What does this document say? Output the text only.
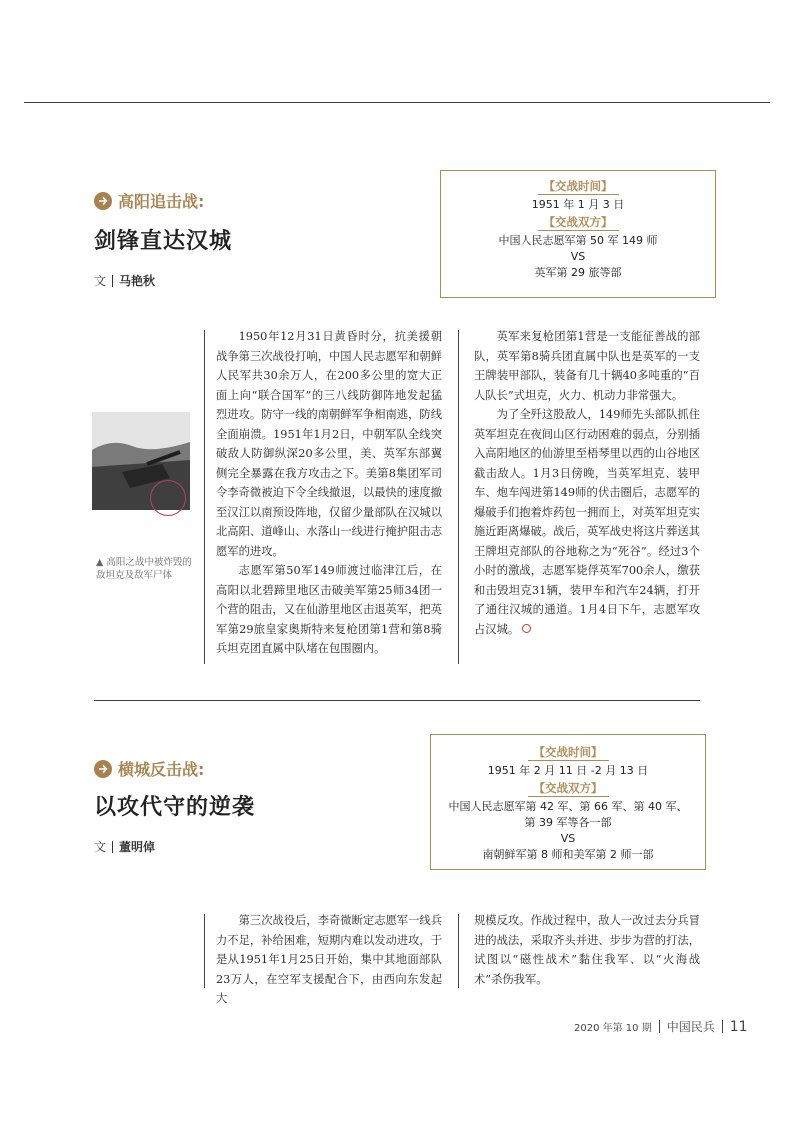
高阳追击战:
剑锋直达汉城
文 马艳秋
【交战时间】
1951 年 1 月 3 日
【交战双方】
中国人民志愿军第 50 军 149 师
VS
英军第 29 旅等部
▲ 高阳之战中被炸毁的敌坦克及敌军尸体

1950年12月31日黄昏时分，抗美援朝战争第三次战役打响，中国人民志愿军和朝鲜人民军共30余万人，在200多公里的宽大正面上向“联合国军”的三八线防御阵地发起猛烈进攻。防守一线的南朝鲜军争相南逃，防线全面崩溃。1951年1月2日，中朝军队全线突破敌人防御纵深20多公里，美、英军东部翼侧完全暴露在我方攻击之下。美第8集团军司令李奇微被迫下令全线撤退，以最快的速度撤至汉江以南预设阵地，仅留少量部队在汉城以北高阳、道峰山、水落山一线进行掩护阻击志愿军的进攻。

志愿军第50军149师渡过临津江后，在高阳以北碧蹄里地区击破美军第25师34团一个营的阻击，又在仙游里地区击退英军，把英军第29旅皇家奥斯特来复枪团第1营和第8骑兵坦克团直属中队堵在包围圈内。

英军来复枪团第1营是一支能征善战的部队，英军第8骑兵团直属中队也是英军的一支王牌装甲部队，装备有几十辆40多吨重的“百人队长”式坦克，火力、机动力非常强大。

为了全歼这股敌人，149师先头部队抓住英军坦克在夜间山区行动困难的弱点，分别插入高阳地区的仙游里至梧琴里以西的山谷地区截击敌人。1月3日傍晚，当英军坦克、装甲车、炮车闯进第149师的伏击圈后，志愿军的爆破手们抱着炸药包一拥而上，对英军坦克实施近距离爆破。战后，英军战史将这片葬送其王牌坦克部队的谷地称之为“死谷”。经过3个小时的激战，志愿军毙俘英军700余人，缴获和击毁坦克31辆，装甲车和汽车24辆，打开了通往汉城的通道。1月4日下午，志愿军攻占汉城。

横城反击战:
以攻代守的逆袭
文 董明倬
【交战时间】
1951 年 2 月 11 日 -2 月 13 日
【交战双方】
中国人民志愿军第 42 军、第 66 军、第 40 军、第 39 军等各一部
VS
南朝鲜军第 8 师和美军第 2 师一部

第三次战役后，李奇微断定志愿军一线兵力不足，补给困难，短期内难以发动进攻，于是从1951年1月25日开始，集中其地面部队23万人，在空军支援配合下，由西向东发起大

规模反攻。作战过程中，敌人一改过去分兵冒进的战法，采取齐头并进、步步为营的打法，试图以“磁性战术”黏住我军、以“火海战术”杀伤我军。

2020 年第 10 期 中国民兵 11
